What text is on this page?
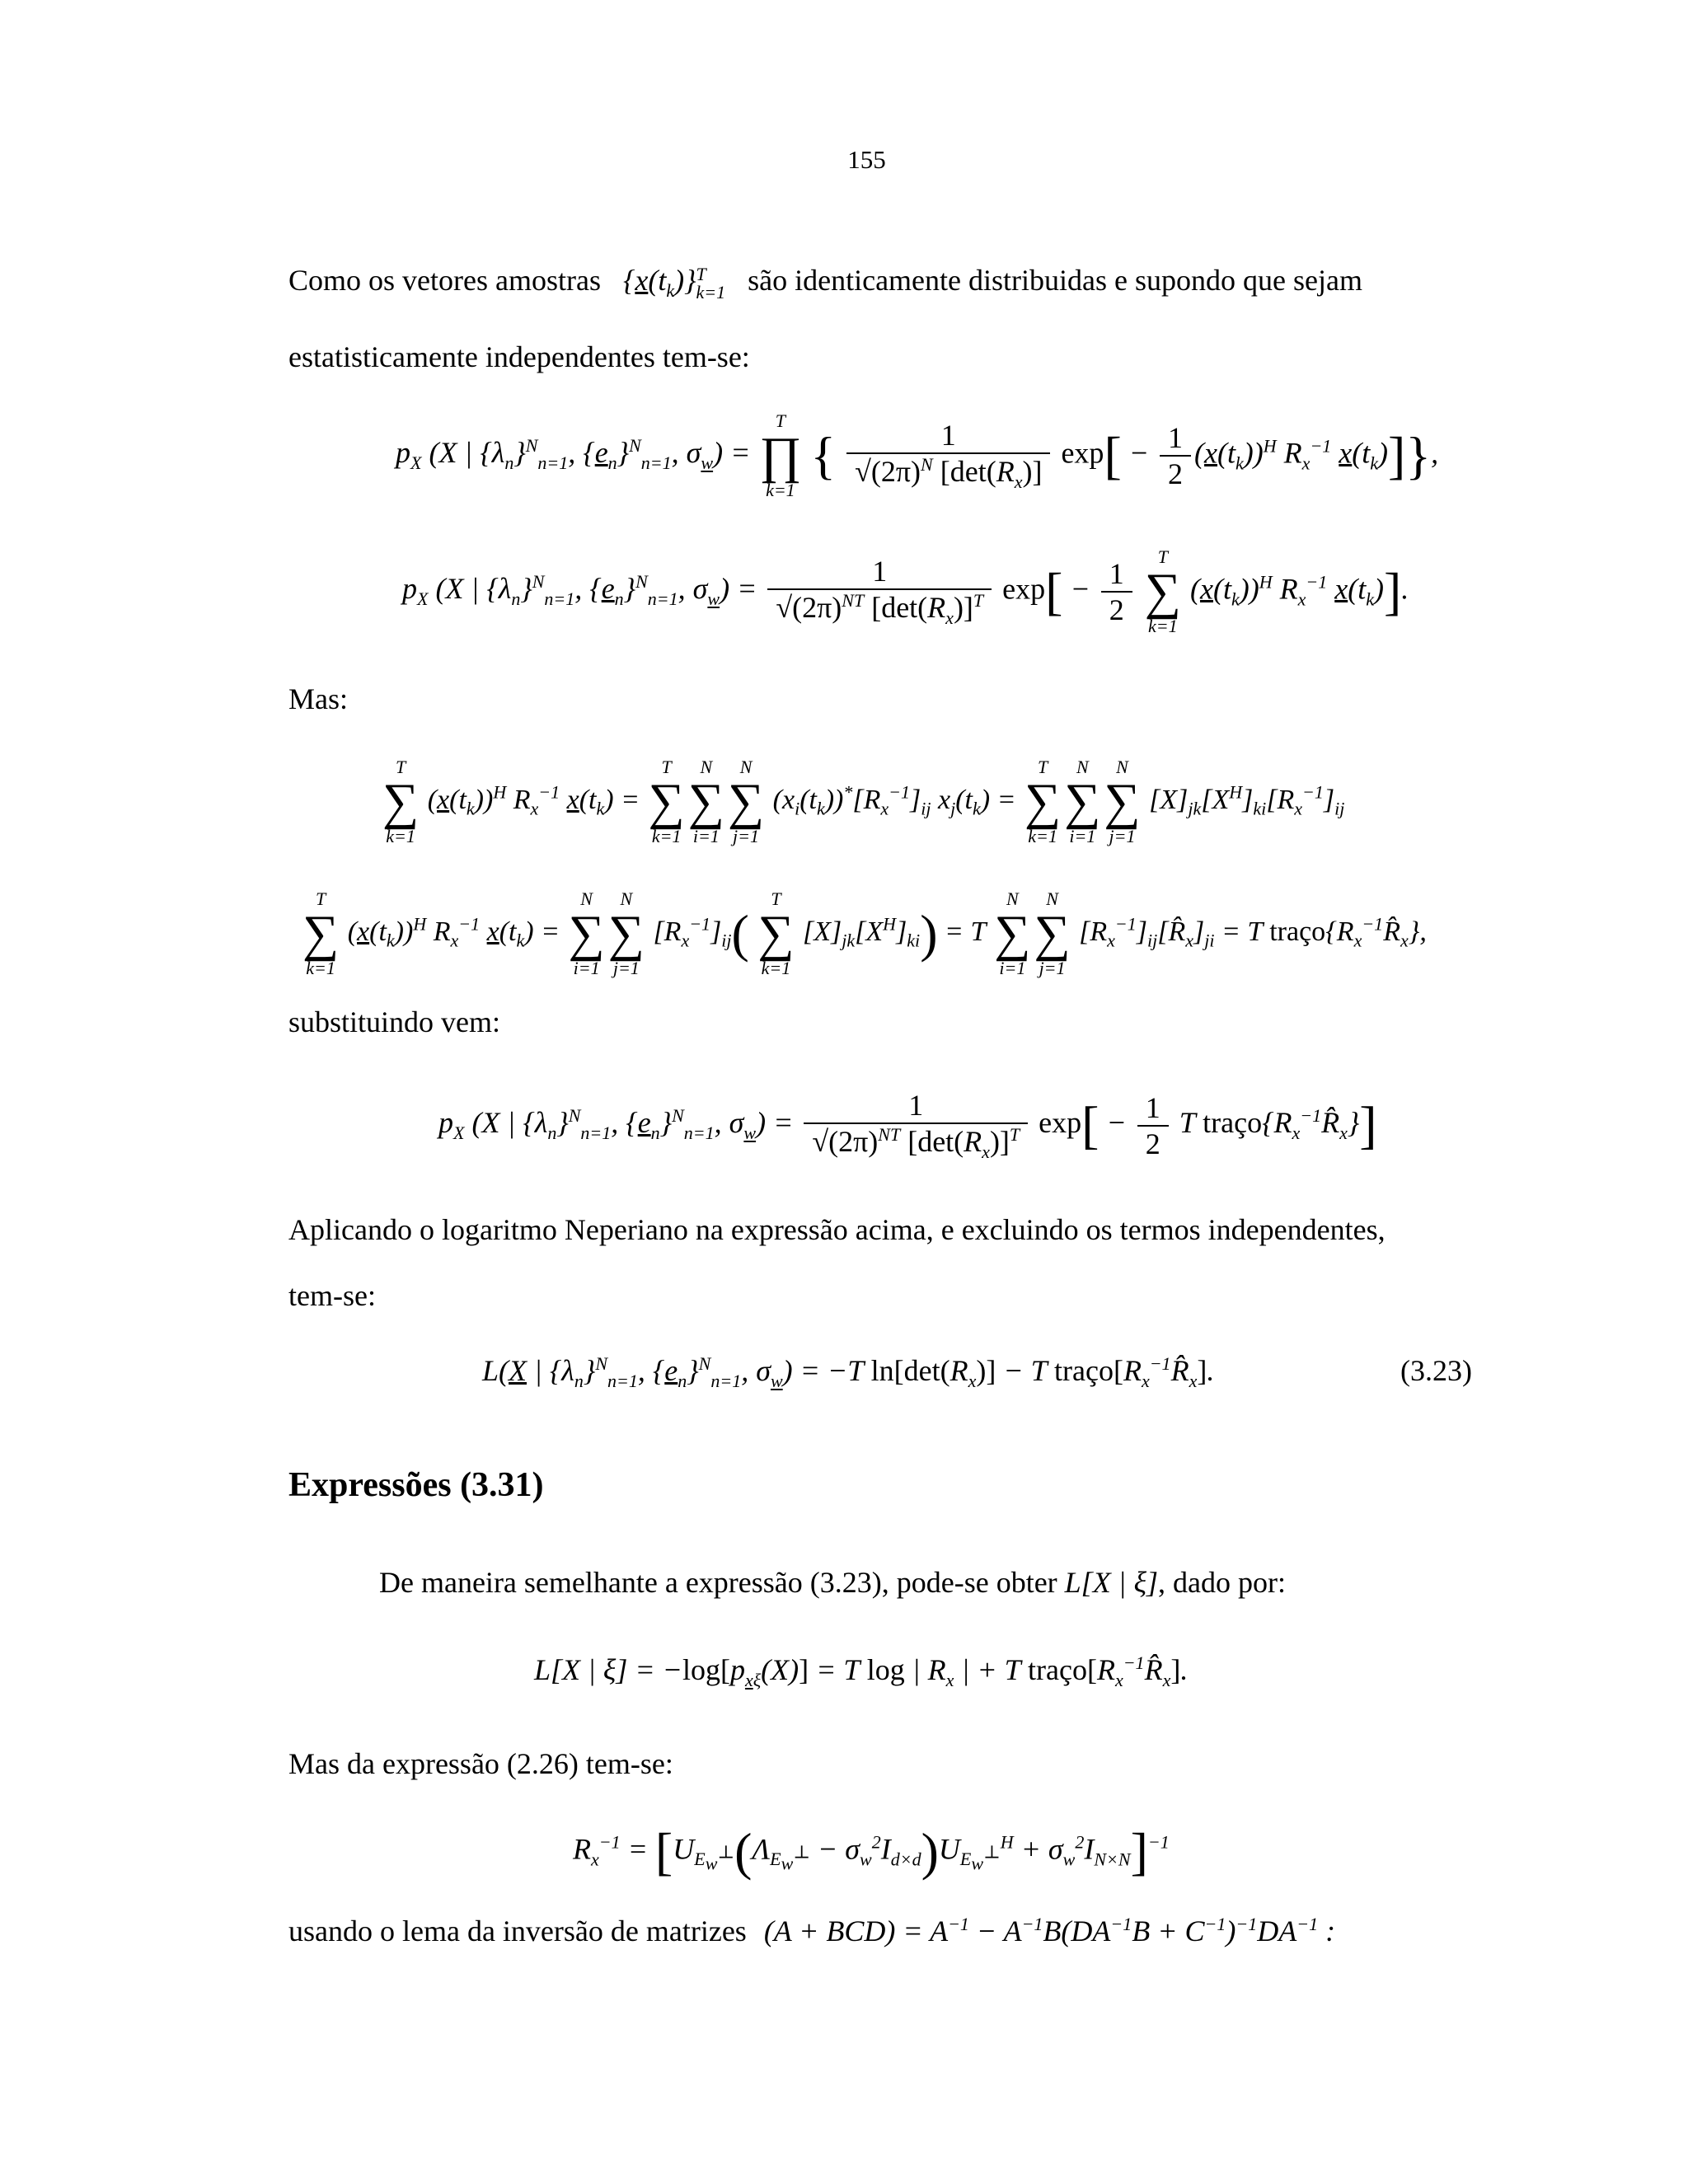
155
Como os vetores amostras $\{x(t_k)\}$ T
k=1 são identicamente distribuidas e supondo que sejam
estatisticamente independentes tem-se:
$p_X$ (X | $\{\lambda_n\}^N_{n=1}$, $\{e_n\}^N_{n=1}$, $\sigma_w$) =
T
∏
k=1
{ $\frac{1}{√(2\pi)^N [\det(R_x)]} \exp[ - \frac{1}{2} (x(t_k))^H$ $R_x^{-1}$ $x(t_k)$]},
$p_X$ (X | $\{\lambda_n\}^N_{n=1}$, $\{e_n\}^N_{n=1}$, $\sigma_w) = \frac{1}{√(2\pi)^{NT} [\det(R_x)]^T} \exp[ - \frac{1}{2}$
	T
∑
k=1
$(x(t_k))^H$ $R_x^{-1}$ $x(t_k)$].
Mas:
T
∑
k=1
$(x(t_k))^H$ $R_x^{-1}$ $x(t_k)$ =
T
∑
k=1
N
∑
i=1
N
∑
j=1
$(x_i(t_k))^*[R_x^{-1}]_{ij}$ $x_j(t_k)$ =
T
∑
k=1
N
∑
i=1
N
∑
j=1
$[X]_{jk}[X^H]_{ki}[R_x^{-1}]_{ij}$
T
∑
k=1
$(x(t_k))^H$ $R_x^{-1}$ $x(t_k)$ =
N
∑
i=1
N
∑
j=1
$[R_x^{-1}]_{ij}$(
T
∑
k=1
$[X]_{jk}[X^H]_{ki}) = T$
N
∑
i=1
N
∑
j=1
$[R_x^{-1}]_{ij}[R̂_x]_{ji} = T$ $traço\{R_x^{-1}R̂_x\}$,
substituindo vem:
$p_X$ (X | $\{\lambda_n\}^N_{n=1}$, $\{e_n\}^N_{n=1}$, $\sigma_w) = \frac{1}{√(2\pi)^{NT} [\det(R_x)]^T} \exp[ - \frac{1}{2}$ T $traço\{R_x^{-1}R̂_x\}$]
Aplicando o logaritmo Neperiano na expressão acima, e excluindo os termos independentes,
tem-se:
L(X | $\{\lambda_n\}^N_{n=1}$, $\{e_n\}^N_{n=1}$, $\sigma_w) = -T$ $\ln[\det(R_x)] - T$ $traço[R_x^{-1}R̂_x]$.	(3.23)
Expressões (3.31)
De maneira semelhante a expressão (3.23), pode-se obter L[X | ξ], dado por:
L[X | $\xi] = -\log[p_{x\xi}(X)] = T$ log | $R_x$ | + T $traço[R_x^{-1}R̂_x]$.
Mas da expressão (2.26) tem-se:
$R_x^{-1} = [U_{E_w^\perp}(\Lambda_{E_w^\perp} - \sigma_w^2I_{d\times d})U_{E_w^\perp}^H + \sigma_w^2I_{N\times N}]^{-1}$
usando o lema da inversão de matrizes $(A + BCD) = A^{-1} - A^{-1}B(DA^{-1}B + C^{-1})^{-1}DA^{-1}$ :
